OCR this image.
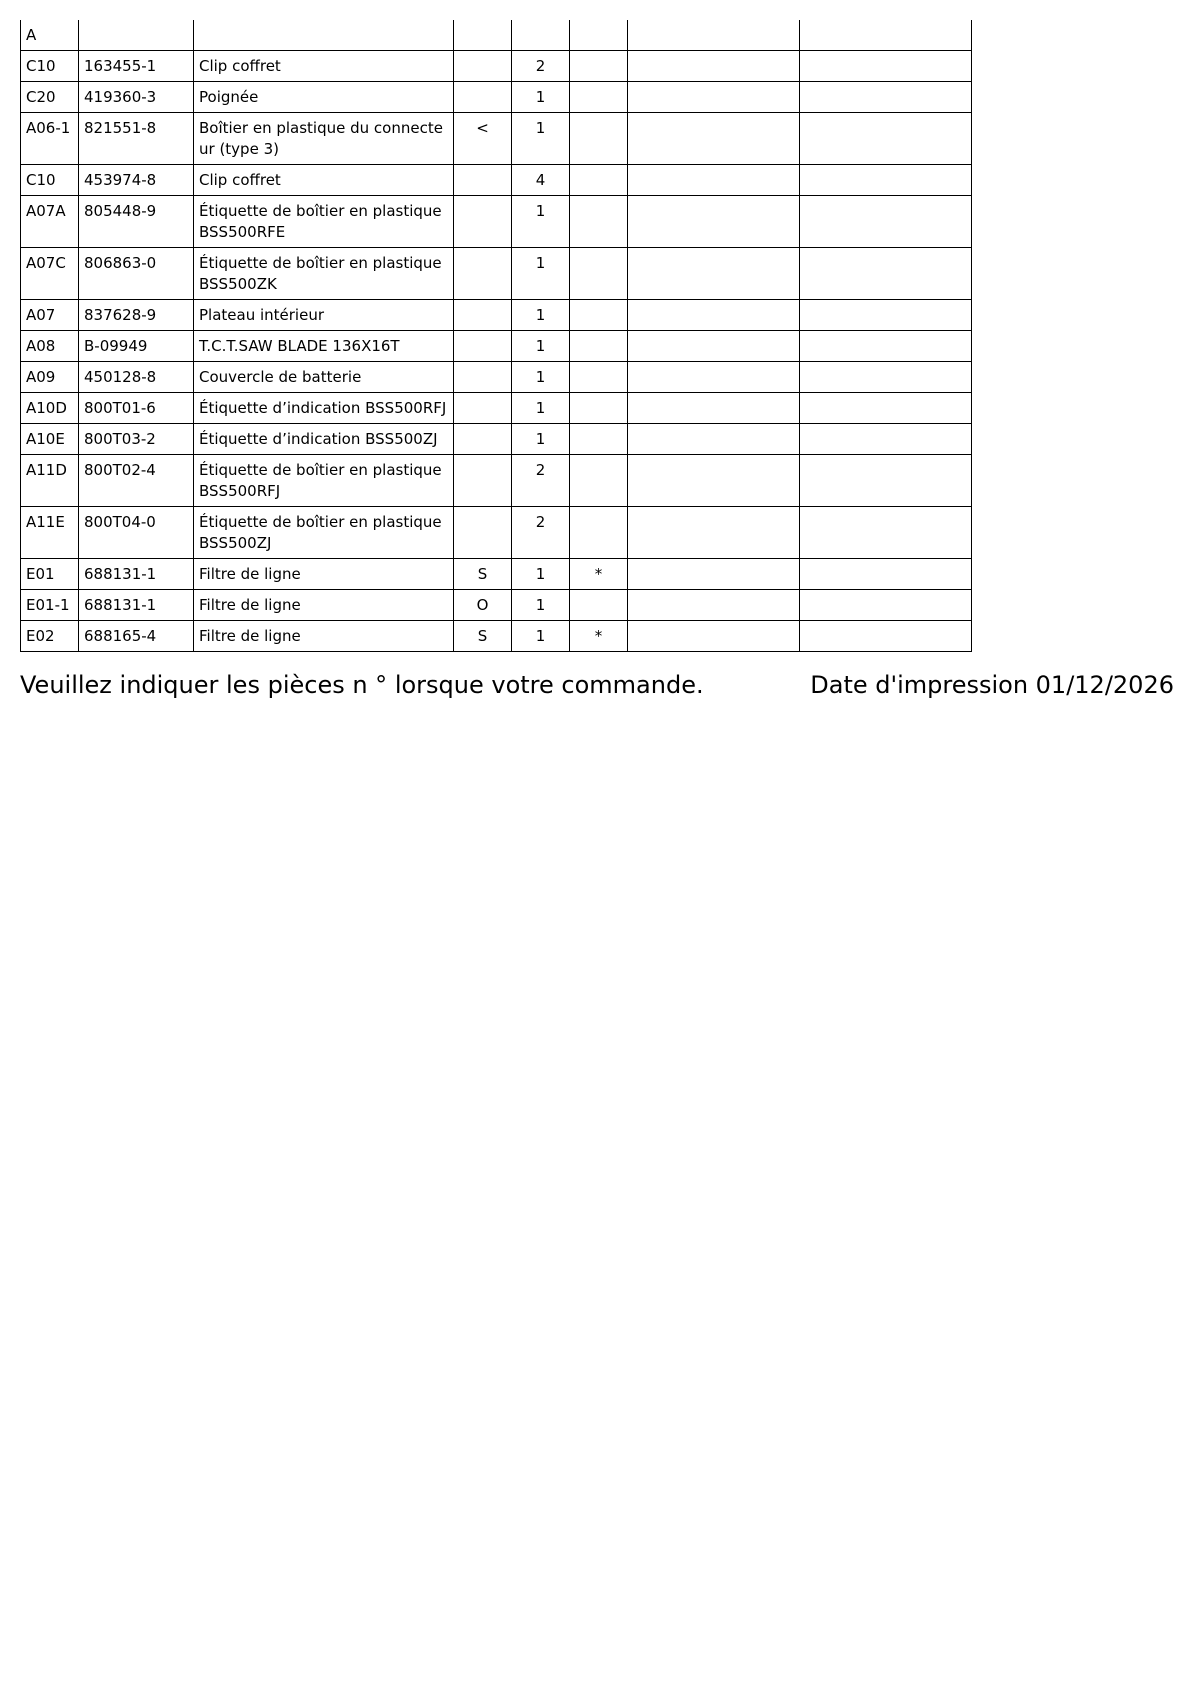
A							
C10	163455-1	Clip coffret		2			
C20	419360-3	Poignée		1			
A06-1	821551-8	Boîtier en plastique du connecteur (type 3)	<	1			
C10	453974-8	Clip coffret		4			
A07A	805448-9	Étiquette de boîtier en plastique BSS500RFE		1			
A07C	806863-0	Étiquette de boîtier en plastique BSS500ZK		1			
A07	837628-9	Plateau intérieur		1			
A08	B-09949	T.C.T.SAW BLADE 136X16T		1			
A09	450128-8	Couvercle de batterie		1			
A10D	800T01-6	Étiquette d’indication BSS500RFJ		1			
A10E	800T03-2	Étiquette d’indication BSS500ZJ		1			
A11D	800T02-4	Étiquette de boîtier en plastique BSS500RFJ		2			
A11E	800T04-0	Étiquette de boîtier en plastique BSS500ZJ		2			
E01	688131-1	Filtre de ligne	S	1	*		
E01-1	688131-1	Filtre de ligne	O	1			
E02	688165-4	Filtre de ligne	S	1	*		
Veuillez indiquer les pièces n ° lorsque votre commande.	Date d'impression 01/12/2026
